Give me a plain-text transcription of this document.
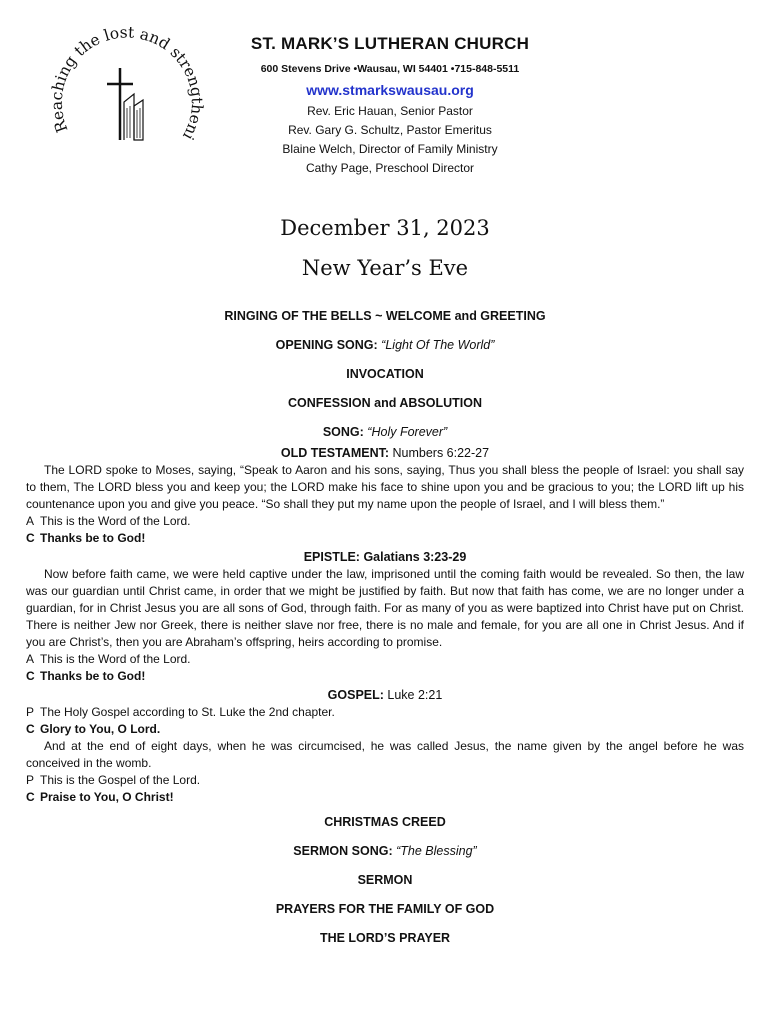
Reaching the lost and strengtheni
ST. MARK’S LUTHERAN CHURCH
600 Stevens Drive •Wausau, WI 54401 •715-848-5511
www.stmarkswausau.org
Rev. Eric Hauan, Senior Pastor
Rev. Gary G. Schultz, Pastor Emeritus
Blaine Welch, Director of Family Ministry
Cathy Page, Preschool Director
December 31, 2023
New Year’s Eve
RINGING OF THE BELLS ~ WELCOME and GREETING
OPENING SONG: “Light Of The World”
INVOCATION
CONFESSION and ABSOLUTION
SONG: “Holy Forever”
OLD TESTAMENT: Numbers 6:22-27
The LORD spoke to Moses, saying, “Speak to Aaron and his sons, saying, Thus you shall bless the people of Israel: you shall say to them, The LORD bless you and keep you; the LORD make his face to shine upon you and be gracious to you; the LORD lift up his countenance upon you and give you peace. “So shall they put my name upon the people of Israel, and I will bless them.”
A This is the Word of the Lord.
C Thanks be to God!
EPISTLE: Galatians 3:23-29
Now before faith came, we were held captive under the law, imprisoned until the coming faith would be revealed. So then, the law was our guardian until Christ came, in order that we might be justified by faith. But now that faith has come, we are no longer under a guardian, for in Christ Jesus you are all sons of God, through faith. For as many of you as were baptized into Christ have put on Christ. There is neither Jew nor Greek, there is neither slave nor free, there is no male and female, for you are all one in Christ Jesus. And if you are Christ’s, then you are Abraham’s offspring, heirs according to promise.
A This is the Word of the Lord.
C Thanks be to God!
GOSPEL: Luke 2:21
P The Holy Gospel according to St. Luke the 2nd chapter.
C Glory to You, O Lord.
And at the end of eight days, when he was circumcised, he was called Jesus, the name given by the angel before he was conceived in the womb.
P This is the Gospel of the Lord.
C Praise to You, O Christ!
CHRISTMAS CREED
SERMON SONG: “The Blessing”
SERMON
PRAYERS FOR THE FAMILY OF GOD
THE LORD’S PRAYER
